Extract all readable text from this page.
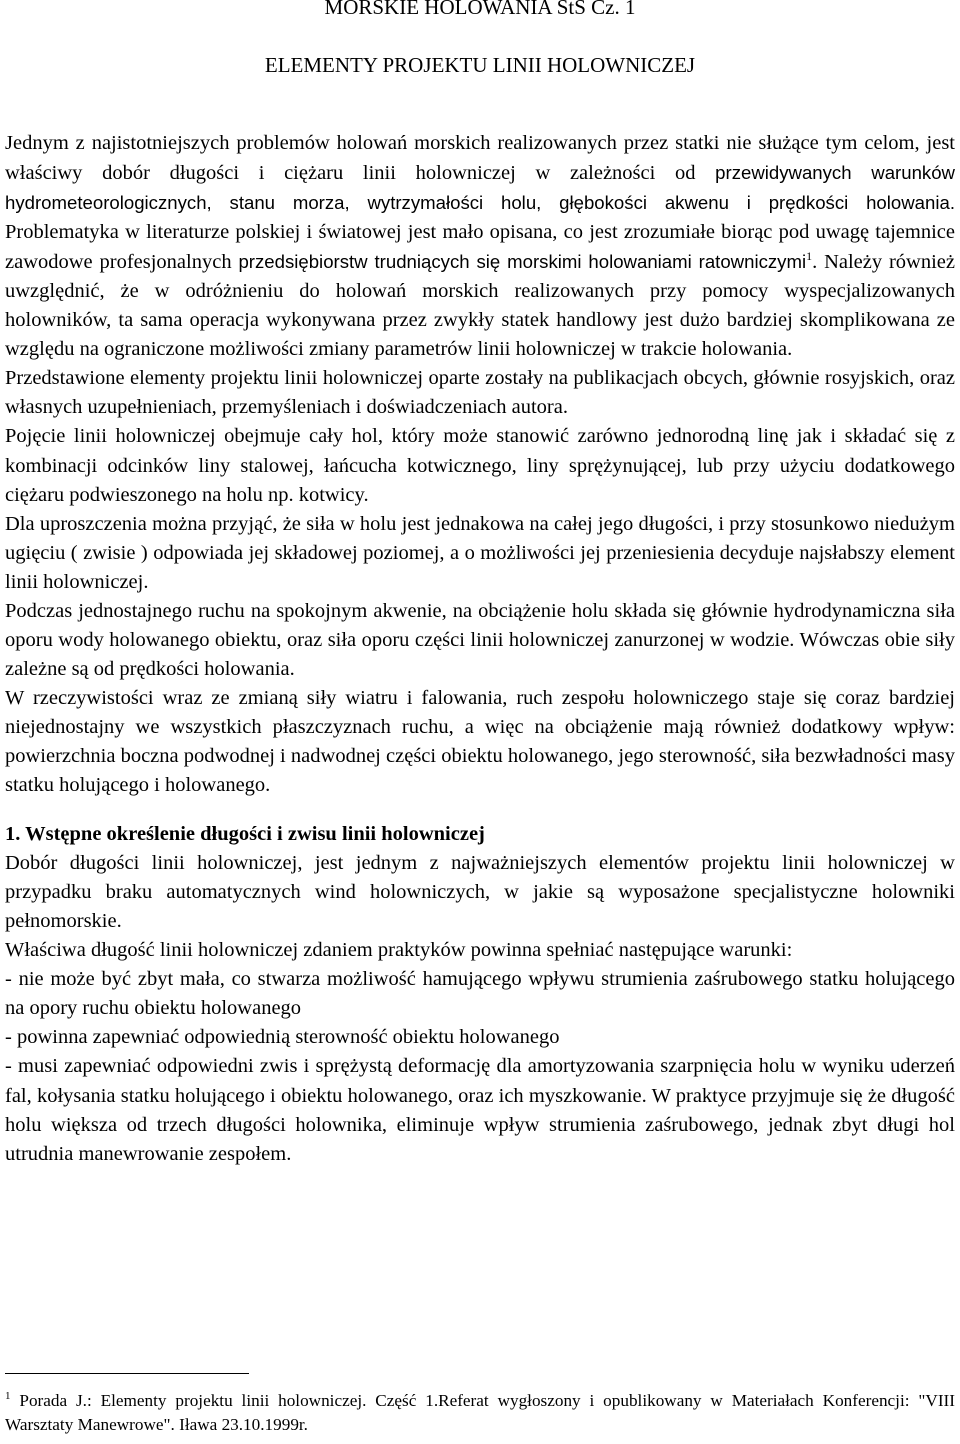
MORSKIE HOLOWANIA StS Cz. 1
ELEMENTY PROJEKTU LINII HOLOWNICZEJ

Jednym z najistotniejszych problemów holowań morskich realizowanych przez statki nie służące tym celom, jest właściwy dobór długości i ciężaru linii holowniczej w zależności od przewidywanych warunków hydrometeorologicznych, stanu morza, wytrzymałości holu, głębokości akwenu i prędkości holowania. Problematyka w literaturze polskiej i światowej jest mało opisana, co jest zrozumiałe biorąc pod uwagę tajemnice zawodowe profesjonalnych przedsiębiorstw trudniących się morskimi holowaniami ratowniczymi$^1$. Należy również uwzględnić, że w odróżnieniu do holowań morskich realizowanych przy pomocy wyspecjalizowanych holowników, ta sama operacja wykonywana przez zwykły statek handlowy jest dużo bardziej skomplikowana ze względu na ograniczone możliwości zmiany parametrów linii holowniczej w trakcie holowania.

Przedstawione elementy projektu linii holowniczej oparte zostały na publikacjach obcych, głównie rosyjskich, oraz własnych uzupełnieniach, przemyśleniach i doświadczeniach autora.

Pojęcie linii holowniczej obejmuje cały hol, który może stanowić zarówno jednorodną linę jak i składać się z kombinacji odcinków liny stalowej, łańcucha kotwicznego, liny sprężynującej, lub przy użyciu dodatkowego ciężaru podwieszonego na holu np. kotwicy.

Dla uproszczenia można przyjąć, że siła w holu jest jednakowa na całej jego długości, i przy stosunkowo niedużym ugięciu ( zwisie ) odpowiada jej składowej poziomej, a o możliwości jej przeniesienia decyduje najsłabszy element linii holowniczej.

Podczas jednostajnego ruchu na spokojnym akwenie, na obciążenie holu składa się głównie hydrodynamiczna siła oporu wody holowanego obiektu, oraz siła oporu części linii holowniczej zanurzonej w wodzie. Wówczas obie siły zależne są od prędkości holowania.

W rzeczywistości wraz ze zmianą siły wiatru i falowania, ruch zespołu holowniczego staje się coraz bardziej niejednostajny we wszystkich płaszczyznach ruchu, a więc na obciążenie mają również dodatkowy wpływ: powierzchnia boczna podwodnej i nadwodnej części obiektu holowanego, jego sterowność, siła bezwładności masy statku holującego i holowanego.

1. Wstępne określenie długości i zwisu linii holowniczej

Dobór długości linii holowniczej, jest jednym z najważniejszych elementów projektu linii holowniczej w przypadku braku automatycznych wind holowniczych, w jakie są wyposażone specjalistyczne holowniki pełnomorskie.

Właściwa długość linii holowniczej zdaniem praktyków powinna spełniać następujące warunki:

- nie może być zbyt mała, co stwarza możliwość hamującego wpływu strumienia zaśrubowego statku holującego na opory ruchu obiektu holowanego

- powinna zapewniać odpowiednią sterowność obiektu holowanego

- musi zapewniać odpowiedni zwis i sprężystą deformację dla amortyzowania szarpnięcia holu w wyniku uderzeń fal, kołysania statku holującego i obiektu holowanego, oraz ich myszkowanie. W praktyce przyjmuje się że długość holu większa od trzech długości holownika, eliminuje wpływ strumienia zaśrubowego, jednak zbyt długi hol utrudnia manewrowanie zespołem.

$^1$ Porada J.: Elementy projektu linii holowniczej. Część 1.Referat wygłoszony i opublikowany w Materiałach Konferencji: "VIII Warsztaty Manewrowe". Iława 23.10.1999r.
